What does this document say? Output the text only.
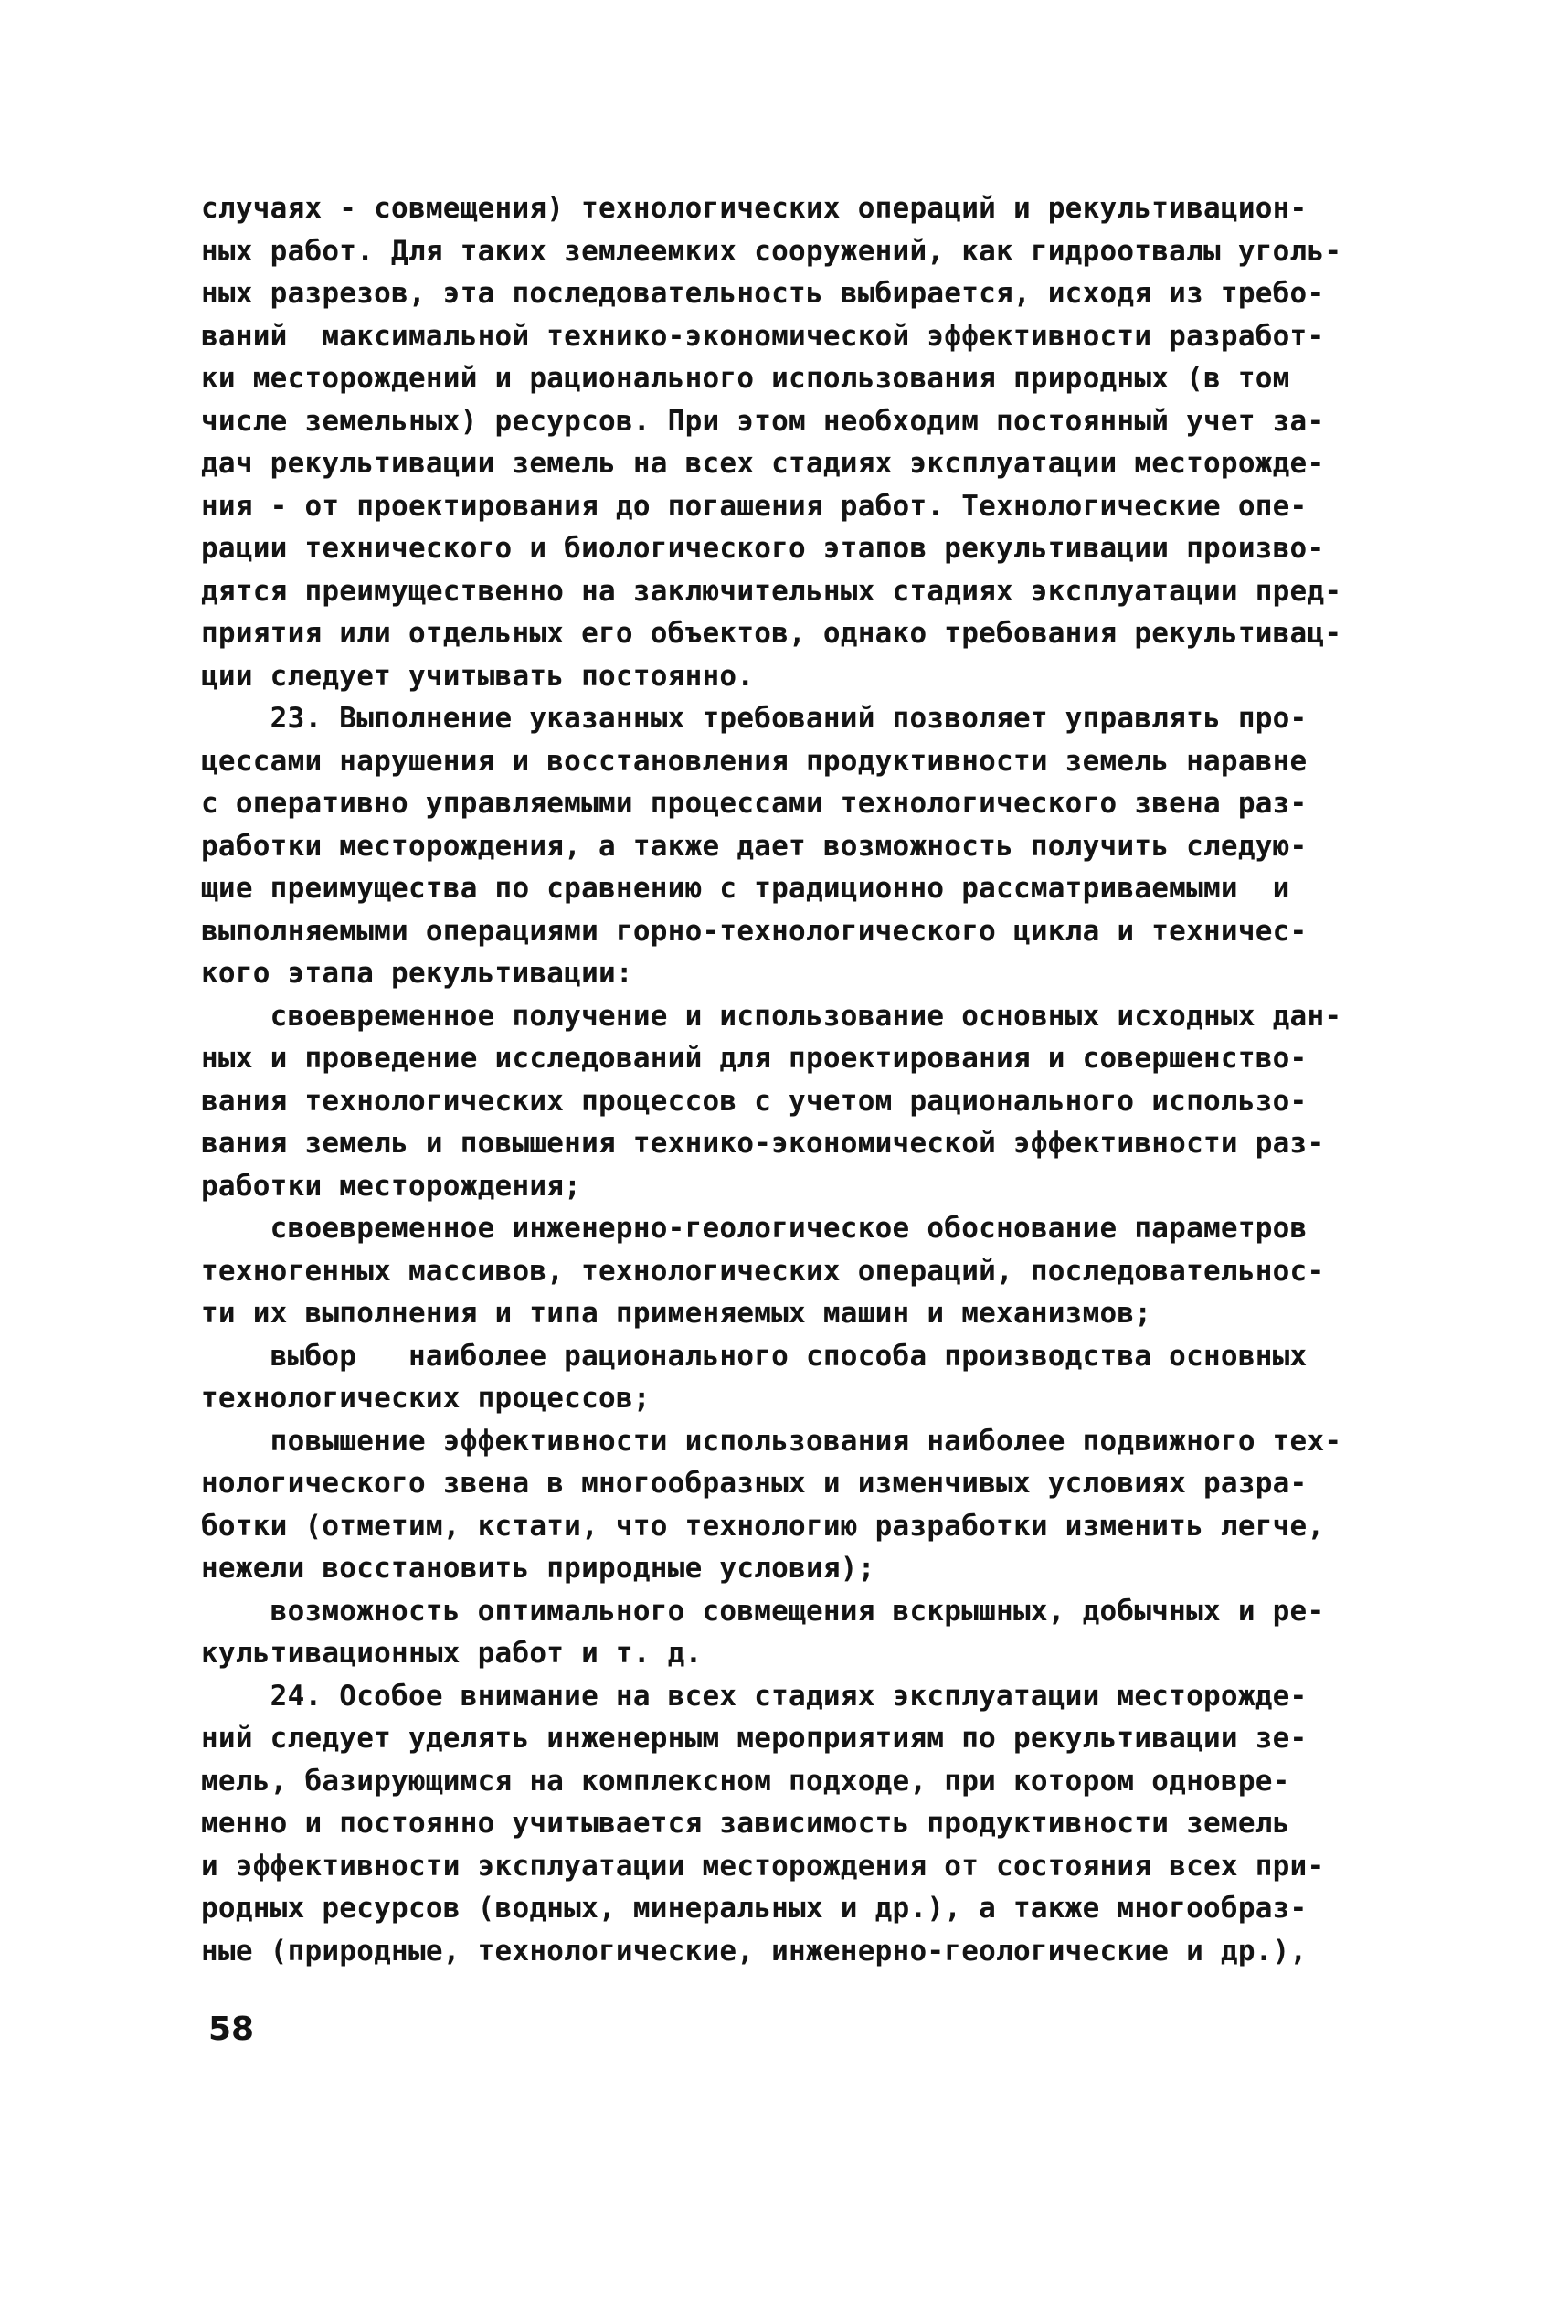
случаях - совмещения) технологических операций и рекультивацион-
ных работ. Для таких землеемких сооружений, как гидроотвалы уголь-
ных разрезов, эта последовательность выбирается, исходя из требо-
ваний  максимальной технико-экономической эффективности разработ-
ки месторождений и рационального использования природных (в том
числе земельных) ресурсов. При этом необходим постоянный учет за-
дач рекультивации земель на всех стадиях эксплуатации месторожде-
ния - от проектирования до погашения работ. Технологические опе-
рации технического и биологического этапов рекультивации произво-
дятся преимущественно на заключительных стадиях эксплуатации пред-
приятия или отдельных его объектов, однако требования рекультивац-
ции следует учитывать постоянно.
23. Выполнение указанных требований позволяет управлять про-
цессами нарушения и восстановления продуктивности земель наравне
с оперативно управляемыми процессами технологического звена раз-
работки месторождения, а также дает возможность получить следую-
щие преимущества по сравнению с традиционно рассматриваемыми  и
выполняемыми операциями горно-технологического цикла и техничес-
кого этапа рекультивации:
своевременное получение и использование основных исходных дан-
ных и проведение исследований для проектирования и совершенство-
вания технологических процессов с учетом рационального использо-
вания земель и повышения технико-экономической эффективности раз-
работки месторождения;
своевременное инженерно-геологическое обоснование параметров
техногенных массивов, технологических операций, последовательнос-
ти их выполнения и типа применяемых машин и механизмов;
выбор   наиболее рационального способа производства основных
технологических процессов;
повышение эффективности использования наиболее подвижного тех-
нологического звена в многообразных и изменчивых условиях разра-
ботки (отметим, кстати, что технологию разработки изменить легче,
нежели восстановить природные условия);
возможность оптимального совмещения вскрышных, добычных и ре-
культивационных работ и т. д.
24. Особое внимание на всех стадиях эксплуатации месторожде-
ний следует уделять инженерным мероприятиям по рекультивации зе-
мель, базирующимся на комплексном подходе, при котором одновре-
менно и постоянно учитывается зависимость продуктивности земель
и эффективности эксплуатации месторождения от состояния всех при-
родных ресурсов (водных, минеральных и др.), а также многообраз-
ные (природные, технологические, инженерно-геологические и др.),
58
